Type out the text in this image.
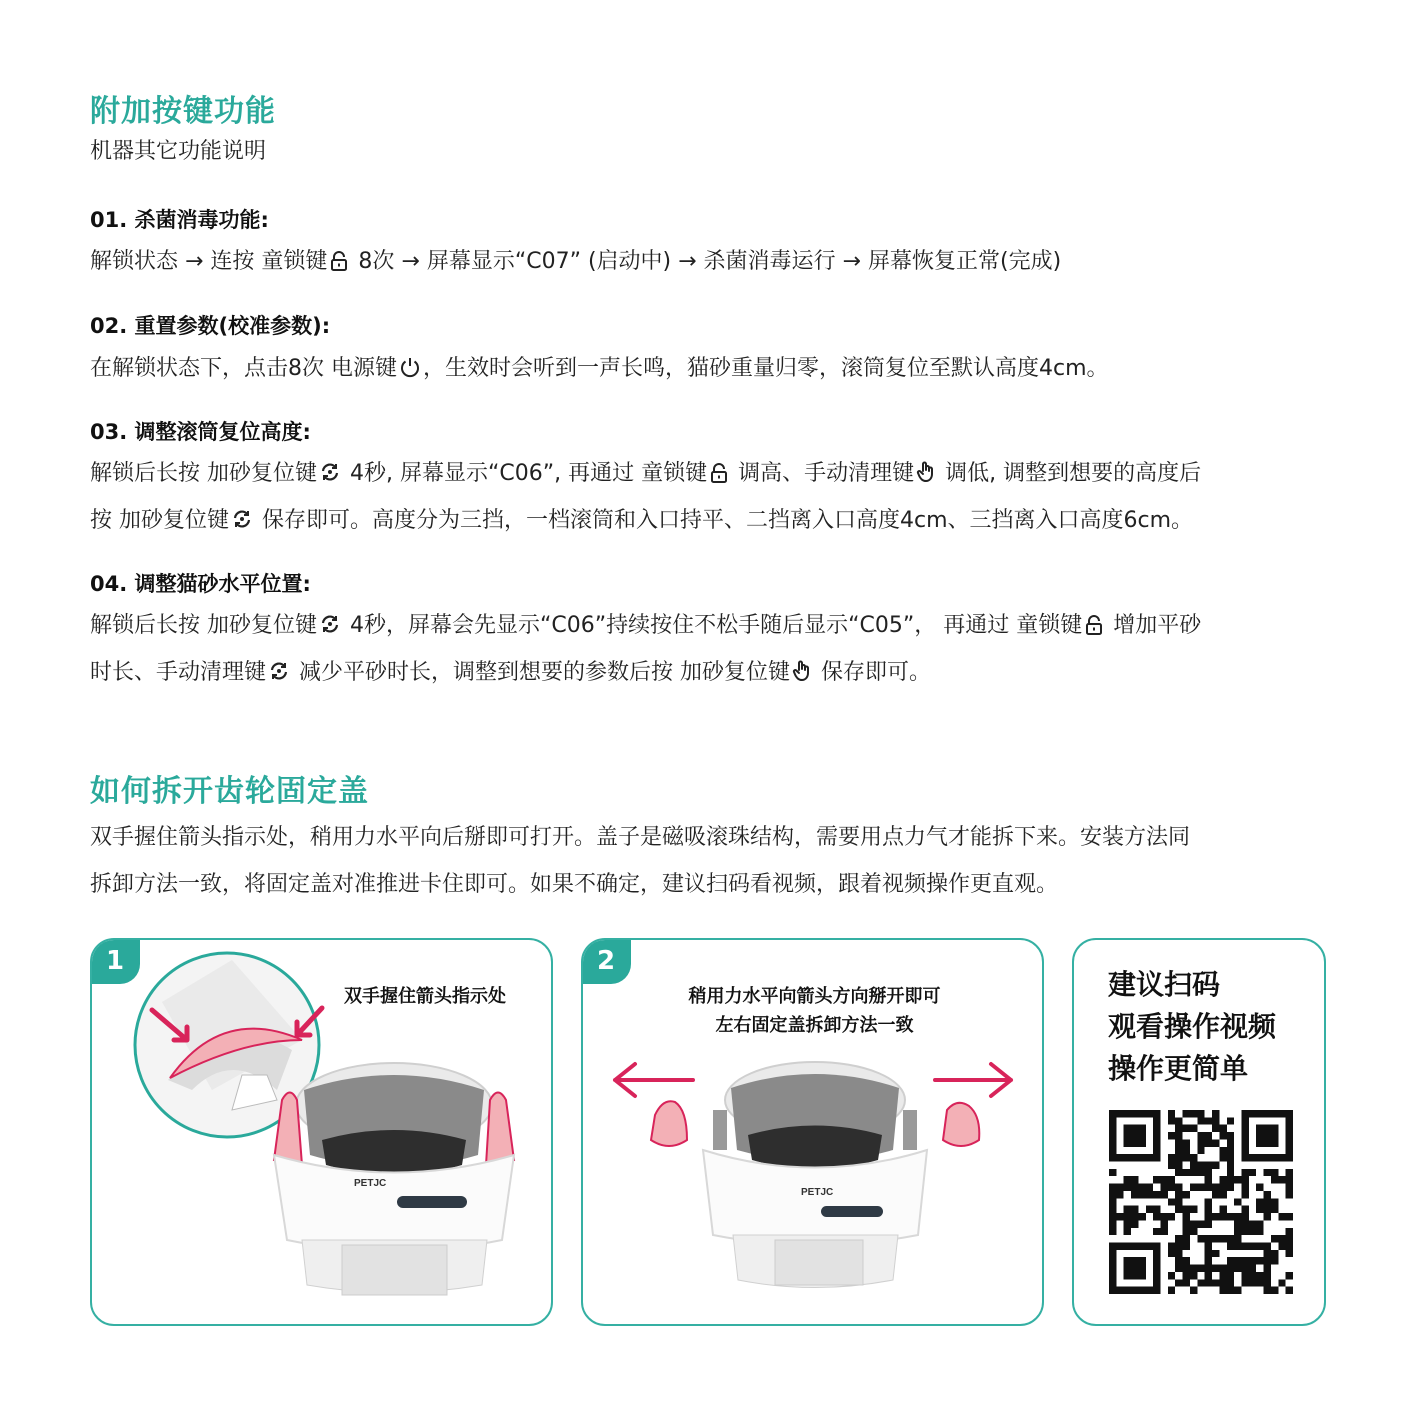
附加按键功能
机器其它功能说明
01. 杀菌消毒功能:
解锁状态 → 连按 童锁键 8次 → 屏幕显示“C07” (启动中) → 杀菌消毒运行 → 屏幕恢复正常(完成)
02. 重置参数(校准参数):
在解锁状态下，点击8次 电源键 ，生效时会听到一声长鸣，猫砂重量归零，滚筒复位至默认高度4cm。
03. 调整滚筒复位高度:
解锁后长按 加砂复位键 4秒, 屏幕显示“C06”, 再通过 童锁键 调高、手动清理键 调低, 调整到想要的高度后
按 加砂复位键 保存即可。高度分为三挡，一档滚筒和入口持平、二挡离入口高度4cm、三挡离入口高度6cm。
04. 调整猫砂水平位置:
解锁后长按 加砂复位键 4秒，屏幕会先显示“C06”持续按住不松手随后显示“C05”， 再通过 童锁键 增加平砂
时长、手动清理键 减少平砂时长，调整到想要的参数后按 加砂复位键 保存即可。
如何拆开齿轮固定盖
双手握住箭头指示处，稍用力水平向后掰即可打开。盖子是磁吸滚珠结构，需要用点力气才能拆下来。安装方法同
拆卸方法一致，将固定盖对准推进卡住即可。如果不确定，建议扫码看视频，跟着视频操作更直观。
PETJC
1
双手握住箭头指示处
PETJC
2
稍用力水平向箭头方向掰开即可
左右固定盖拆卸方法一致
建议扫码
观看操作视频
操作更简单
